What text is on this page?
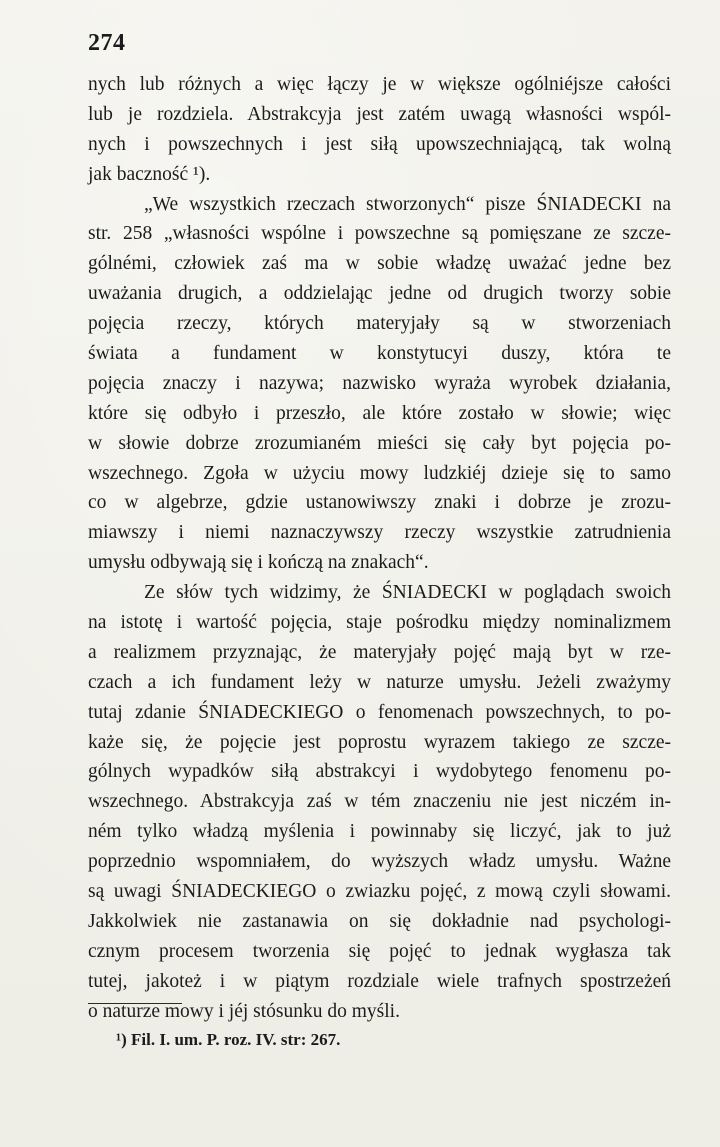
274
nych lub różnych a więc łączy je w większe ogólniéjsze całości
lub je rozdziela. Abstrakcyja jest zatém uwagą własności wspól-
nych i powszechnych i jest siłą upowszechniającą, tak wolną
jak baczność ¹).
„We wszystkich rzeczach stworzonych“ pisze ŚNIADECKI na
str. 258 „własności wspólne i powszechne są pomięszane ze szcze-
gólnémi, człowiek zaś ma w sobie władzę uważać jedne bez
uważania drugich, a oddzielając jedne od drugich tworzy sobie
pojęcia rzeczy, których materyjały są w stworzeniach
świata a fundament w konstytucyi duszy, która te
pojęcia znaczy i nazywa; nazwisko wyraża wyrobek działania,
które się odbyło i przeszło, ale które zostało w słowie; więc
w słowie dobrze zrozumianém mieści się cały byt pojęcia po-
wszechnego. Zgoła w użyciu mowy ludzkiéj dzieje się to samo
co w algebrze, gdzie ustanowiwszy znaki i dobrze je zrozu-
miawszy i niemi naznaczywszy rzeczy wszystkie zatrudnienia
umysłu odbywają się i kończą na znakach“.
Ze słów tych widzimy, że ŚNIADECKI w poglądach swoich
na istotę i wartość pojęcia, staje pośrodku między nominalizmem
a realizmem przyznając, że materyjały pojęć mają byt w rze-
czach a ich fundament leży w naturze umysłu. Jeżeli zważymy
tutaj zdanie ŚNIADECKIEGO o fenomenach powszechnych, to po-
każe się, że pojęcie jest poprostu wyrazem takiego ze szcze-
gólnych wypadków siłą abstrakcyi i wydobytego fenomenu po-
wszechnego. Abstrakcyja zaś w tém znaczeniu nie jest niczém in-
ném tylko władzą myślenia i powinnaby się liczyć, jak to już
poprzednio wspomniałem, do wyższych władz umysłu. Ważne
są uwagi ŚNIADECKIEGO o zwiazku pojęć, z mową czyli słowami.
Jakkolwiek nie zastanawia on się dokładnie nad psychologi-
cznym procesem tworzenia się pojęć to jednak wygłasza tak
tutej, jakoteż i w piątym rozdziale wiele trafnych spostrzeżeń
o naturze mowy i jéj stósunku do myśli.
¹) Fil. I. um. P. roz. IV. str: 267.
